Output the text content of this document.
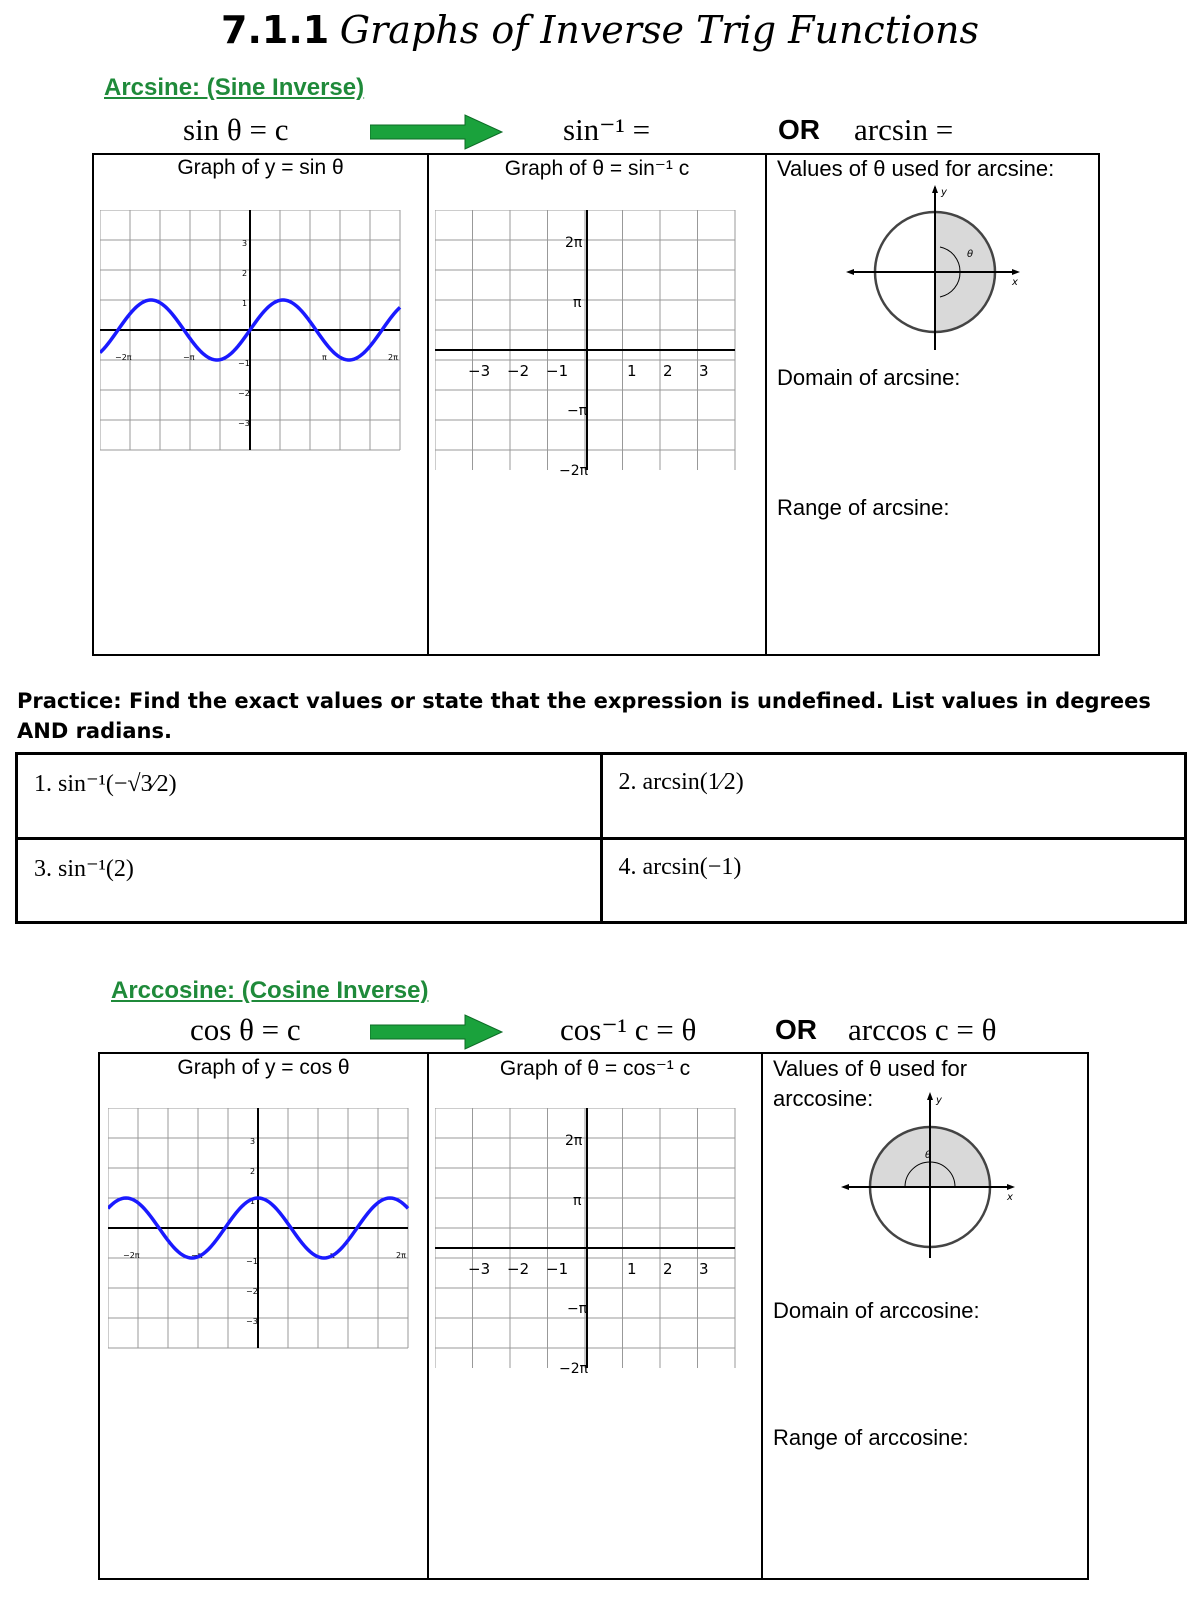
7.1.1 Graphs of Inverse Trig Functions
Arcsine: (Sine Inverse)
sin θ = c	sin⁻¹ =	OR arcsin =
Graph of y = sin θ	Graph of θ = sin⁻¹ c	Values of θ used for arcsine:
Domain of arcsine:
Range of arcsine:
−2π	−π	π	2π
3
2
1
−1
−2
−3
−3 −2 −1	1 2 3
2π
π
−π
−2π
y
x
θ
Practice: Find the exact values or state that the expression is undefined. List values in degrees AND radians.
1. sin⁻¹(−√3⁄2)	2. arcsin(1⁄2)
3. sin⁻¹(2)	4. arcsin(−1)
Arccosine: (Cosine Inverse)
cos θ = c	cos⁻¹ c = θ	OR arccos c = θ
Graph of y = cos θ	Graph of θ = cos⁻¹ c	Values of θ used for
arccosine:
Domain of arccosine:
Range of arccosine:
−2π	−π	π	2π
3
2
1
−1
−2
−3
−3 −2 −1	1 2 3
2π
π
−π
−2π
y
x
θ
